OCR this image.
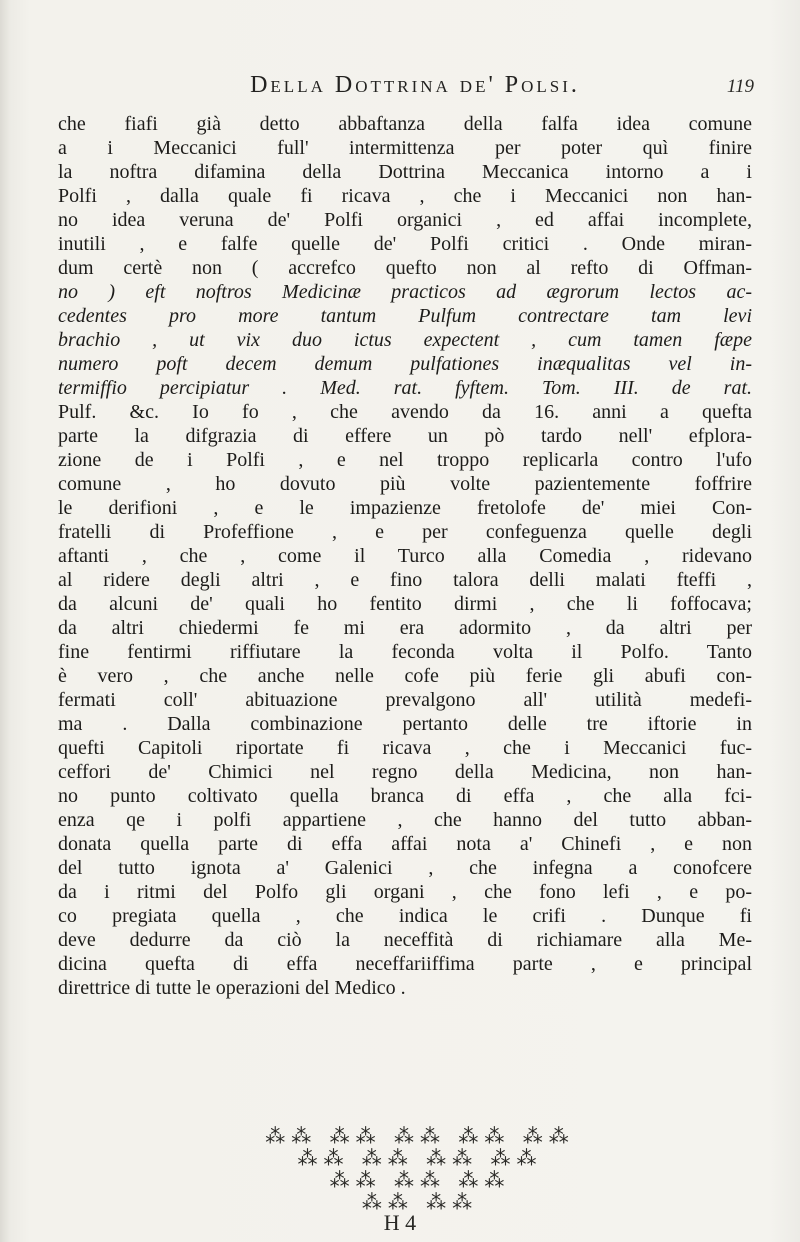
Della Dottrina de' Polsi.	119
che fiafi già detto abbaftanza della falfa idea comune
a i Meccanici full' intermittenza per poter quì finire
la noftra difamina della Dottrina Meccanica intorno a i
Polfi , dalla quale fi ricava , che i Meccanici non han-
no idea veruna de' Polfi organici , ed affai incomplete,
inutili , e falfe quelle de' Polfi critici . Onde miran-
dum certè non ( accrefco quefto non al refto di Offman-
no ) eft noftros Medicinæ practicos ad ægrorum lectos ac-
cedentes pro more tantum Pulfum contrectare tam levi
brachio , ut vix duo ictus expectent , cum tamen fæpe
numero poft decem demum pulfationes inæqualitas vel in-
termiffio percipiatur . Med. rat. fyftem. Tom. III. de rat.
Pulf. &c. Io fo , che avendo da 16. anni a quefta
parte la difgrazia di effere un pò tardo nell' efplora-
zione de i Polfi , e nel troppo replicarla contro l'ufo
comune , ho dovuto più volte pazientemente foffrire
le derifioni , e le impazienze fretolofe de' miei Con-
fratelli di Profeffione , e per confeguenza quelle degli
aftanti , che , come il Turco alla Comedia , ridevano
al ridere degli altri , e fino talora delli malati fteffi ,
da alcuni de' quali ho fentito dirmi , che li foffocava;
da altri chiedermi fe mi era adormito , da altri per
fine fentirmi riffiutare la feconda volta il Polfo. Tanto
è vero , che anche nelle cofe più ferie gli abufi con-
fermati coll' abituazione prevalgono all' utilità medefi-
ma . Dalla combinazione pertanto delle tre iftorie in
quefti Capitoli riportate fi ricava , che i Meccanici fuc-
ceffori de' Chimici nel regno della Medicina, non han-
no punto coltivato quella branca di effa , che alla fci-
enza qe i polfi appartiene , che hanno del tutto abban-
donata quella parte di effa affai nota a' Chinefi , e non
del tutto ignota a' Galenici , che infegna a conofcere
da i ritmi del Polfo gli organi , che fono lefi , e po-
co pregiata quella , che indica le crifi . Dunque fi
deve dedurre da ciò la neceffità di richiamare alla Me-
dicina quefta di effa neceffariiffima parte , e principal
direttrice di tutte le operazioni del Medico .
⁂⁂ ⁂⁂ ⁂⁂ ⁂⁂ ⁂⁂
⁂⁂ ⁂⁂ ⁂⁂ ⁂⁂
⁂⁂ ⁂⁂ ⁂⁂
⁂⁂ ⁂⁂
H 4
